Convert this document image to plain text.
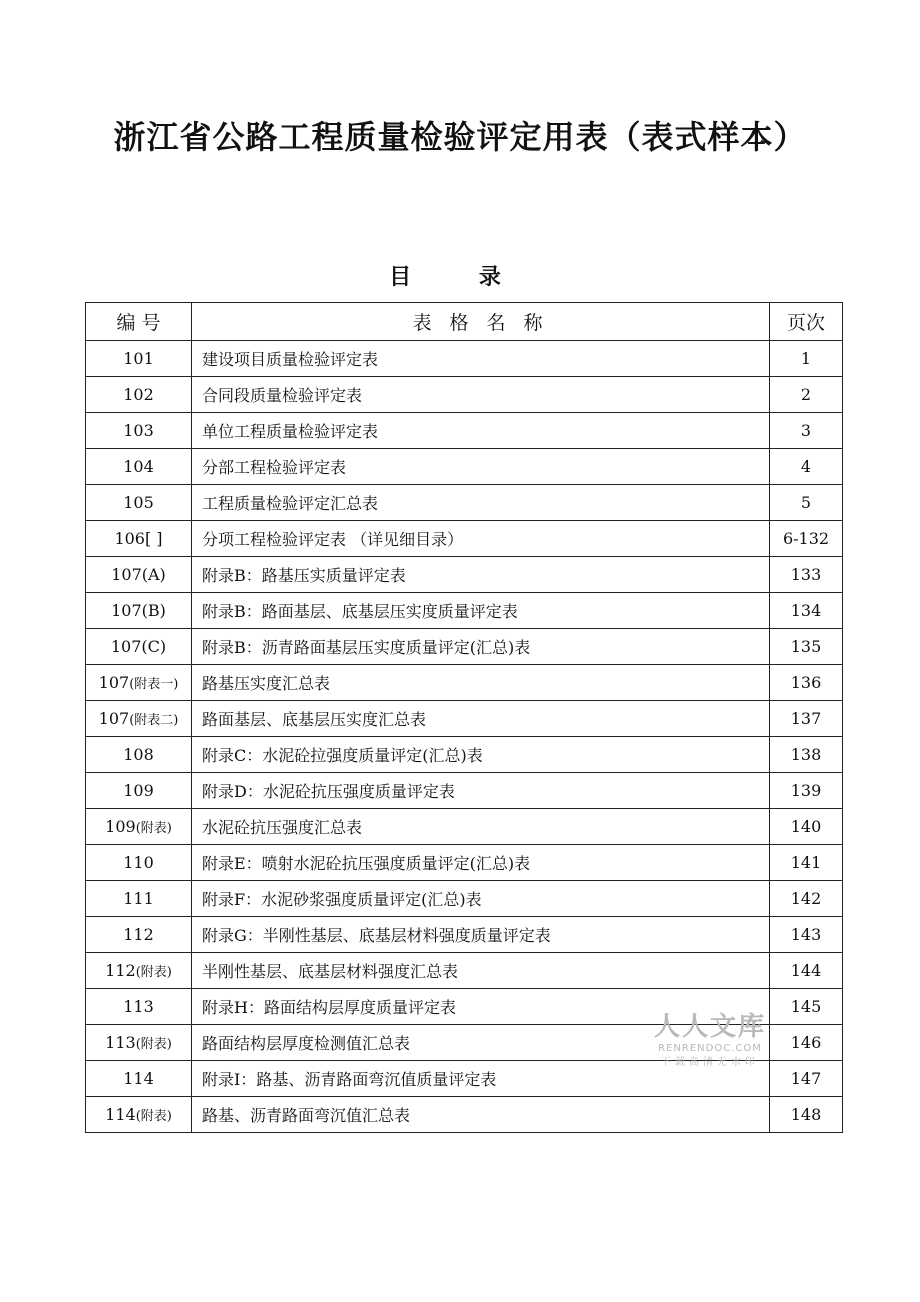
浙江省公路工程质量检验评定用表（表式样本）
目 录
编 号	表 格 名 称	页次
101	建设项目质量检验评定表	1
102	合同段质量检验评定表	2
103	单位工程质量检验评定表	3
104	分部工程检验评定表	4
105	工程质量检验评定汇总表	5
106[ ]	分项工程检验评定表 （详见细目录）	6-132
107(A)	附录B：路基压实质量评定表	133
107(B)	附录B：路面基层、底基层压实度质量评定表	134
107(C)	附录B：沥青路面基层压实度质量评定(汇总)表	135
107(附表一)	路基压实度汇总表	136
107(附表二)	路面基层、底基层压实度汇总表	137
108	附录C：水泥砼拉强度质量评定(汇总)表	138
109	附录D：水泥砼抗压强度质量评定表	139
109(附表)	水泥砼抗压强度汇总表	140
110	附录E：喷射水泥砼抗压强度质量评定(汇总)表	141
111	附录F：水泥砂浆强度质量评定(汇总)表	142
112	附录G：半刚性基层、底基层材料强度质量评定表	143
112(附表)	半刚性基层、底基层材料强度汇总表	144
113	附录H：路面结构层厚度质量评定表	145
113(附表)	路面结构层厚度检测值汇总表	146
114	附录I：路基、沥青路面弯沉值质量评定表	147
114(附表)	路基、沥青路面弯沉值汇总表	148
人人文库
RENRENDOC.COM
下载高清无水印
